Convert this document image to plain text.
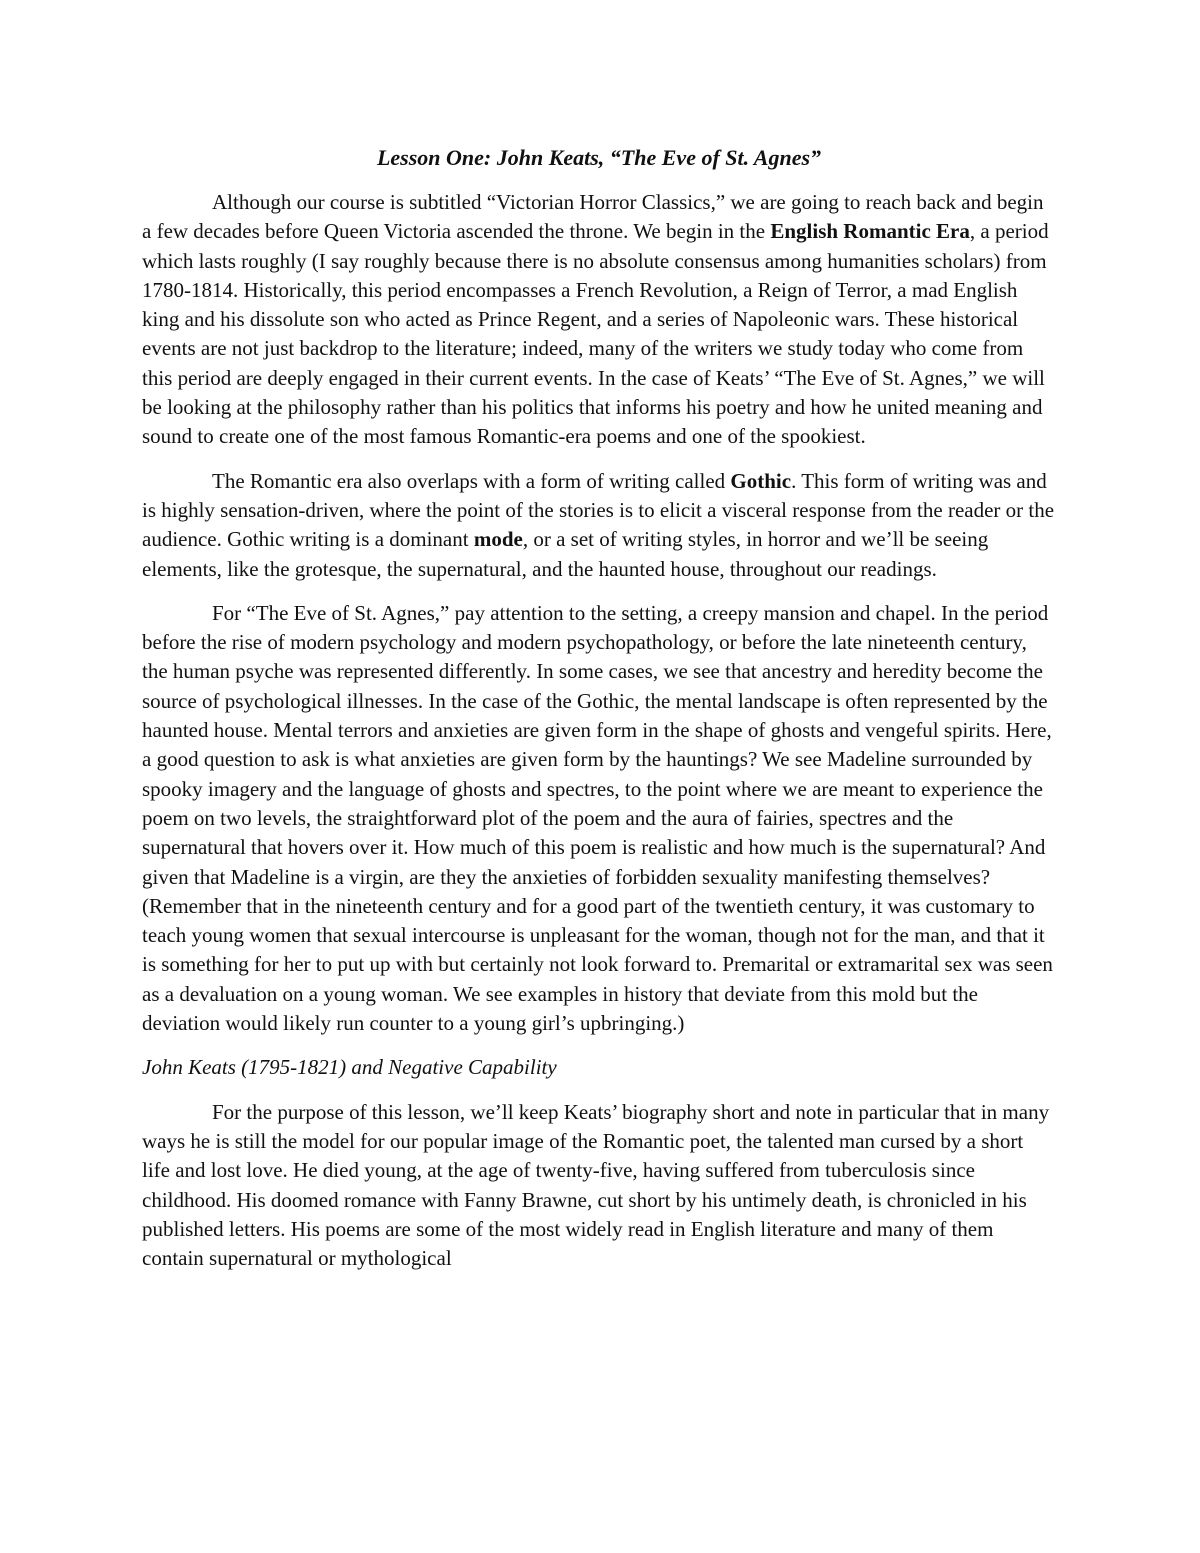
Lesson One: John Keats, “The Eve of St. Agnes”

Although our course is subtitled “Victorian Horror Classics,” we are going to reach back and begin a few decades before Queen Victoria ascended the throne. We begin in the English Romantic Era, a period which lasts roughly (I say roughly because there is no absolute consensus among humanities scholars) from 1780-1814. Historically, this period encompasses a French Revolution, a Reign of Terror, a mad English king and his dissolute son who acted as Prince Regent, and a series of Napoleonic wars. These historical events are not just backdrop to the literature; indeed, many of the writers we study today who come from this period are deeply engaged in their current events. In the case of Keats’ “The Eve of St. Agnes,” we will be looking at the philosophy rather than his politics that informs his poetry and how he united meaning and sound to create one of the most famous Romantic-era poems and one of the spookiest.

The Romantic era also overlaps with a form of writing called Gothic. This form of writing was and is highly sensation-driven, where the point of the stories is to elicit a visceral response from the reader or the audience. Gothic writing is a dominant mode, or a set of writing styles, in horror and we’ll be seeing elements, like the grotesque, the supernatural, and the haunted house, throughout our readings.

For “The Eve of St. Agnes,” pay attention to the setting, a creepy mansion and chapel. In the period before the rise of modern psychology and modern psychopathology, or before the late nineteenth century, the human psyche was represented differently. In some cases, we see that ancestry and heredity become the source of psychological illnesses. In the case of the Gothic, the mental landscape is often represented by the haunted house. Mental terrors and anxieties are given form in the shape of ghosts and vengeful spirits. Here, a good question to ask is what anxieties are given form by the hauntings? We see Madeline surrounded by spooky imagery and the language of ghosts and spectres, to the point where we are meant to experience the poem on two levels, the straightforward plot of the poem and the aura of fairies, spectres and the supernatural that hovers over it. How much of this poem is realistic and how much is the supernatural? And given that Madeline is a virgin, are they the anxieties of forbidden sexuality manifesting themselves? (Remember that in the nineteenth century and for a good part of the twentieth century, it was customary to teach young women that sexual intercourse is unpleasant for the woman, though not for the man, and that it is something for her to put up with but certainly not look forward to. Premarital or extramarital sex was seen as a devaluation on a young woman. We see examples in history that deviate from this mold but the deviation would likely run counter to a young girl’s upbringing.)

John Keats (1795-1821) and Negative Capability

For the purpose of this lesson, we’ll keep Keats’ biography short and note in particular that in many ways he is still the model for our popular image of the Romantic poet, the talented man cursed by a short life and lost love. He died young, at the age of twenty-five, having suffered from tuberculosis since childhood. His doomed romance with Fanny Brawne, cut short by his untimely death, is chronicled in his published letters. His poems are some of the most widely read in English literature and many of them contain supernatural or mythological
